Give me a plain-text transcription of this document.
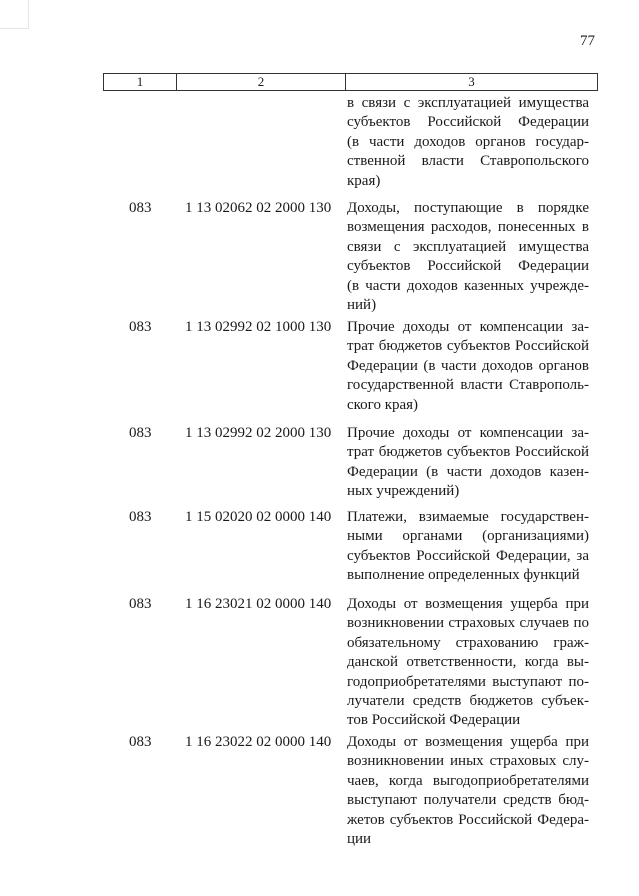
77
1	2	3
в связи с эксплуатацией имущества
субъектов Российской Федерации
(в части доходов органов государ-
ственной власти Ставропольского
края)
083 1 13 02062 02 2000 130 Доходы, поступающие в порядке
возмещения расходов, понесенных в
связи с эксплуатацией имущества
субъектов Российской Федерации
(в части доходов казенных учрежде-
ний)
083 1 13 02992 02 1000 130 Прочие доходы от компенсации за-
трат бюджетов субъектов Российской
Федерации (в части доходов органов
государственной власти Ставрополь-
ского края)
083 1 13 02992 02 2000 130 Прочие доходы от компенсации за-
трат бюджетов субъектов Российской
Федерации (в части доходов казен-
ных учреждений)
083 1 15 02020 02 0000 140 Платежи, взимаемые государствен-
ными органами (организациями)
субъектов Российской Федерации, за
выполнение определенных функций
083 1 16 23021 02 0000 140 Доходы от возмещения ущерба при
возникновении страховых случаев по
обязательному страхованию граж-
данской ответственности, когда вы-
годоприобретателями выступают по-
лучатели средств бюджетов субъек-
тов Российской Федерации
083 1 16 23022 02 0000 140 Доходы от возмещения ущерба при
возникновении иных страховых слу-
чаев, когда выгодоприобретателями
выступают получатели средств бюд-
жетов субъектов Российской Федера-
ции
